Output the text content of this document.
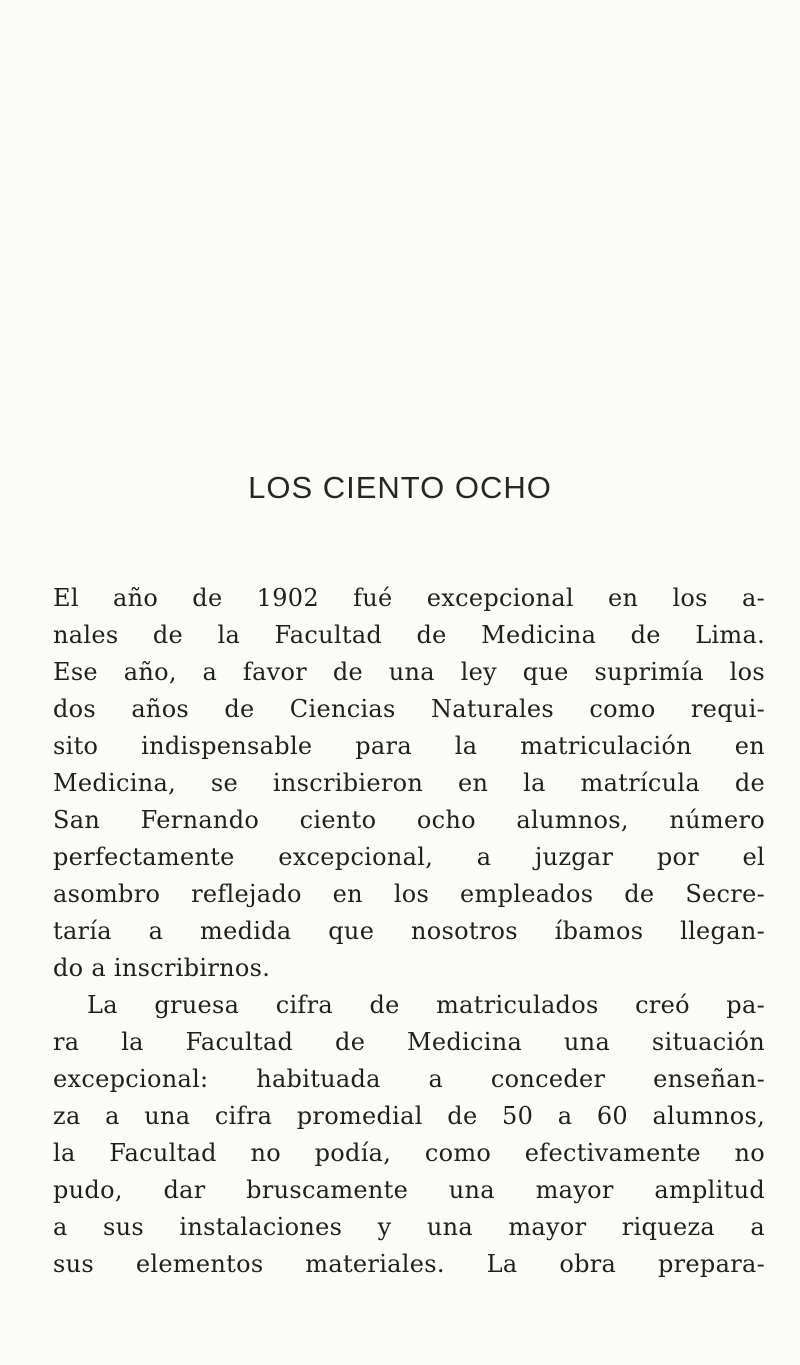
LOS CIENTO OCHO
El año de 1902 fué excepcional en los a-
nales de la Facultad de Medicina de Lima.
Ese año, a favor de una ley que suprimía los
dos años de Ciencias Naturales como requi-
sito indispensable para la matriculación en
Medicina, se inscribieron en la matrícula de
San Fernando ciento ocho alumnos, número
perfectamente excepcional, a juzgar por el
asombro reflejado en los empleados de Secre-
taría a medida que nosotros íbamos llegan-
do a inscribirnos.
La gruesa cifra de matriculados creó pa-
ra la Facultad de Medicina una situación
excepcional: habituada a conceder enseñan-
za a una cifra promedial de 50 a 60 alumnos,
la Facultad no podía, como efectivamente no
pudo, dar bruscamente una mayor amplitud
a sus instalaciones y una mayor riqueza a
sus elementos materiales. La obra prepara-
